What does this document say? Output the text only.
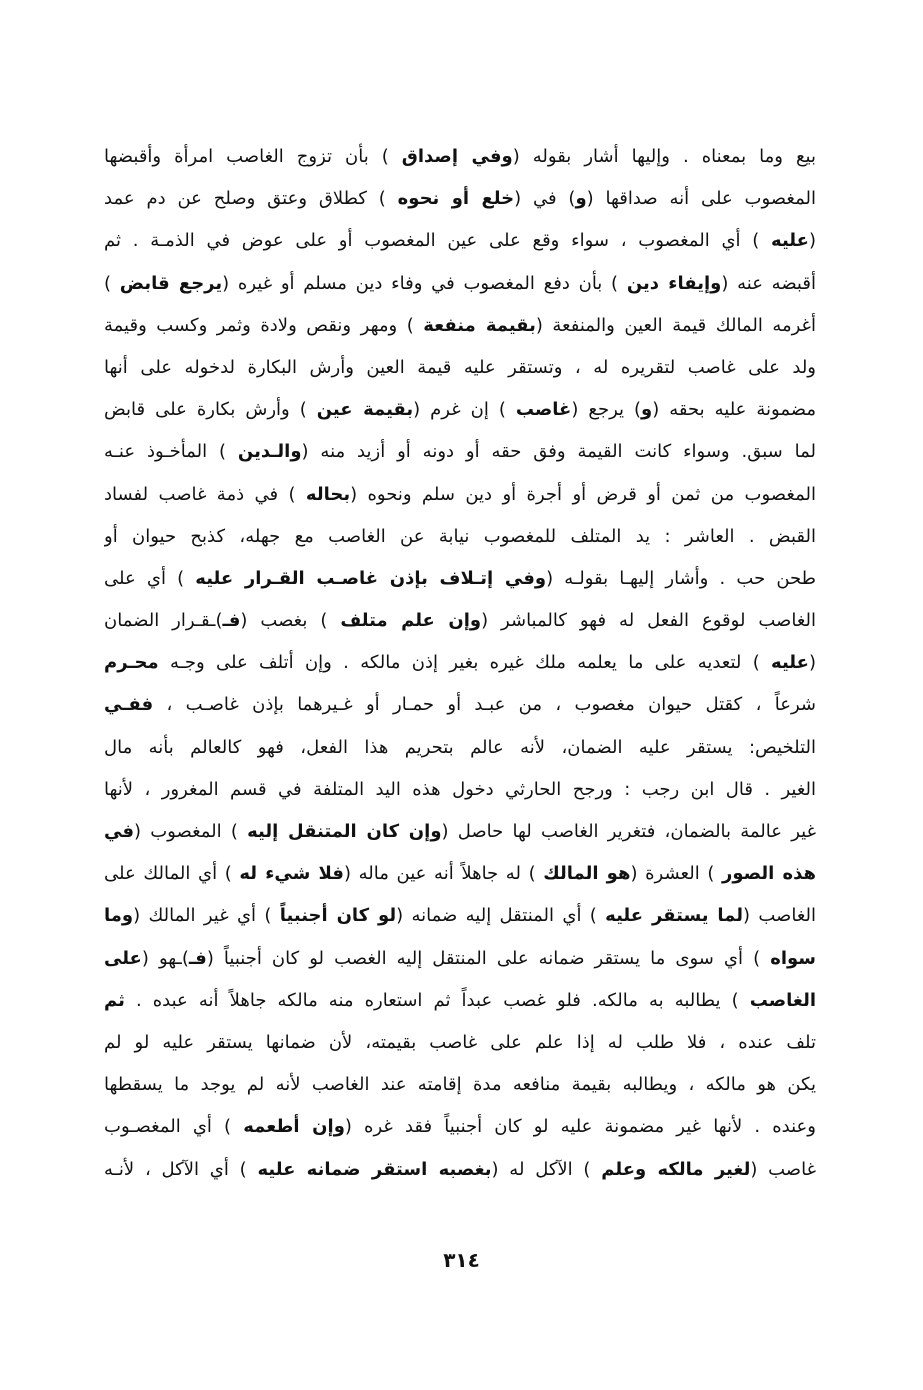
بيع وما بمعناه . وإليها أشار بقوله (وفي إصداق ) بأن تزوج الغاصب امرأة وأقبضها
المغصوب على أنه صداقها (و) في (خلع أو نحوه ) كطلاق وعتق وصلح عن دم عمد
(عليه ) أي المغصوب ، سواء وقع على عين المغصوب أو على عوض في الذمـة . ثم
أقبضه عنه (وإيفاء دين ) بأن دفع المغصوب في وفاء دين مسلم أو غيره (يرجع قابض )
أغرمه المالك قيمة العين والمنفعة (بقيمة منفعة ) ومهر ونقص ولادة وثمر وكسب وقيمة
ولد على غاصب لتقريره له ، وتستقر عليه قيمة العين وأرش البكارة لدخوله على أنها
مضمونة عليه بحقه (و) يرجع (غاصب ) إن غرم (بقيمة عين ) وأرش بكارة على قابض
لما سبق. وسواء كانت القيمة وفق حقه أو دونه أو أزيد منه (والـدين ) المأخـوذ عنـه
المغصوب من ثمن أو قرض أو أجرة أو دين سلم ونحوه (بحاله ) في ذمة غاصب لفساد
القبض . العاشر : يد المتلف للمغصوب نيابة عن الغاصب مع جهله، كذبح حيوان أو
طحن حب . وأشار إليهـا بقولـه (وفي إتـلاف بإذن غاصـب القـرار عليه ) أي على
الغاصب لوقوع الفعل له فهو كالمباشر (وإن علم متلف ) بغصب (فـ)ـقـرار الضمان
(عليه ) لتعديه على ما يعلمه ملك غيره بغير إذن مالكه . وإن أتلف على وجـه محـرم
شرعاً ، كقتل حيوان مغصوب ، من عبـد أو حمـار أو غـيرهما بإذن غاصـب ، ففـي
التلخيص: يستقر عليه الضمان، لأنه عالم بتحريم هذا الفعل، فهو كالعالم بأنه مال
الغير . قال ابن رجب : ورجح الحارثي دخول هذه اليد المتلفة في قسم المغرور ، لأنها
غير عالمة بالضمان، فتغرير الغاصب لها حاصل (وإن كان المتنقل إليه ) المغصوب (في
هذه الصور ) العشرة (هو المالك ) له جاهلاً أنه عين ماله (فلا شيء له ) أي المالك على
الغاصب (لما يستقر عليه ) أي المنتقل إليه ضمانه (لو كان أجنبياً ) أي غير المالك (وما
سواه ) أي سوى ما يستقر ضمانه على المنتقل إليه الغصب لو كان أجنبياً (فـ)ـهو (على
الغاصب ) يطالبه به مالكه. فلو غصب عبداً ثم استعاره منه مالكه جاهلاً أنه عبده . ثم
تلف عنده ، فلا طلب له إذا علم على غاصب بقيمته، لأن ضمانها يستقر عليه لو لم
يكن هو مالكه ، ويطالبه بقيمة منافعه مدة إقامته عند الغاصب لأنه لم يوجد ما يسقطها
وعنده . لأنها غير مضمونة عليه لو كان أجنبياً فقد غره (وإن أطعمه ) أي المغصـوب
غاصب (لغير مالكه وعلم ) الآكل له (بغصبه استقر ضمانه عليه ) أي الآكل ، لأنـه
٣١٤
